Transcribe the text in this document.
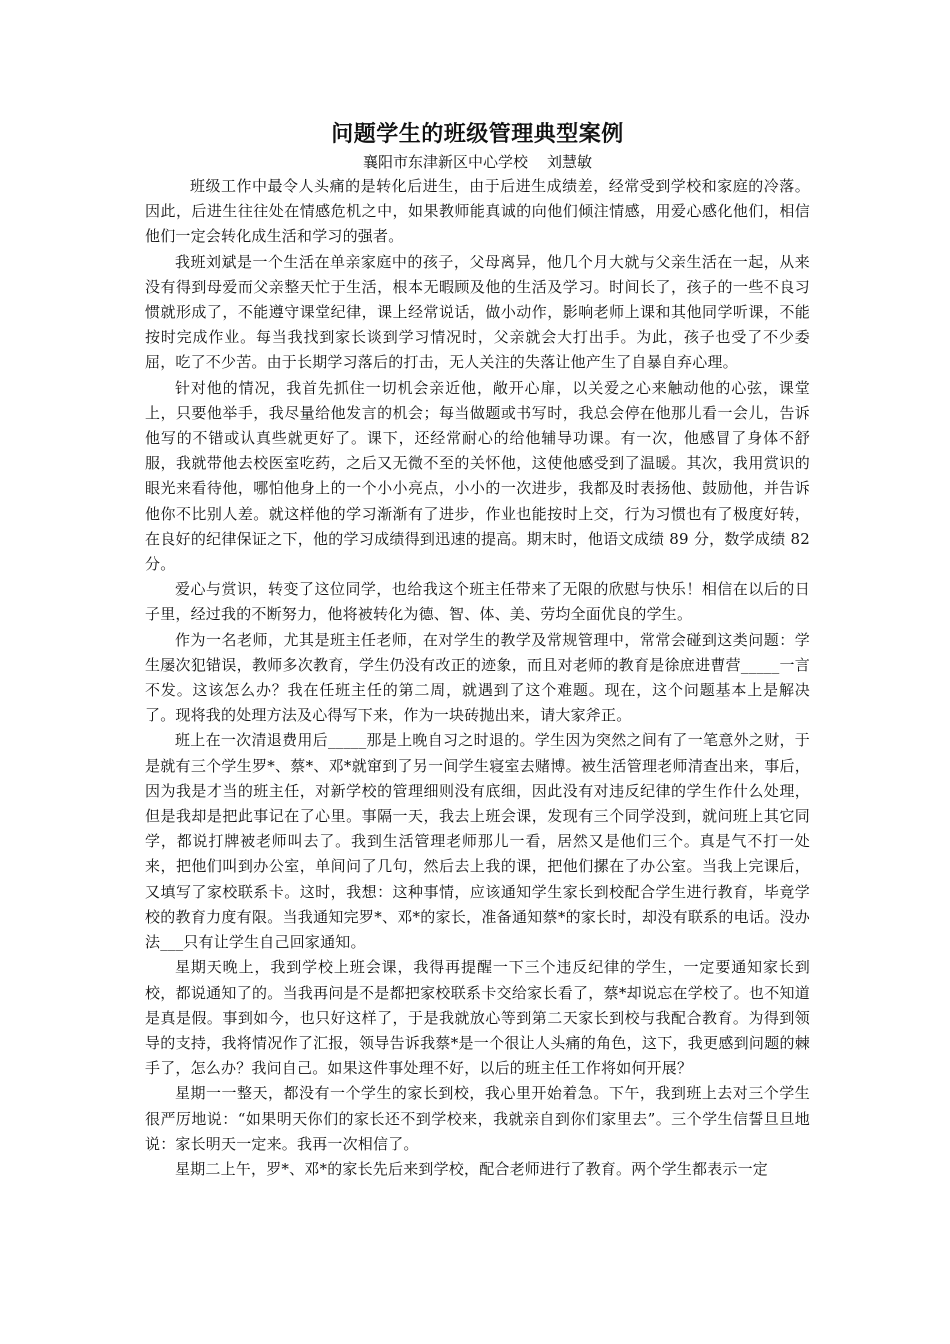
问题学生的班级管理典型案例

襄阳市东津新区中心学校    刘慧敏

班级工作中最令人头痛的是转化后进生，由于后进生成绩差，经常受到学校和家庭的冷落。因此，后进生往往处在情感危机之中，如果教师能真诚的向他们倾注情感，用爱心感化他们，相信他们一定会转化成生活和学习的强者。

我班刘斌是一个生活在单亲家庭中的孩子，父母离异，他几个月大就与父亲生活在一起，从来没有得到母爱而父亲整天忙于生活，根本无暇顾及他的生活及学习。时间长了，孩子的一些不良习惯就形成了，不能遵守课堂纪律，课上经常说话，做小动作，影响老师上课和其他同学听课，不能按时完成作业。每当我找到家长谈到学习情况时，父亲就会大打出手。为此，孩子也受了不少委屈，吃了不少苦。由于长期学习落后的打击，无人关注的失落让他产生了自暴自弃心理。

针对他的情况，我首先抓住一切机会亲近他，敞开心扉，以关爱之心来触动他的心弦，课堂上，只要他举手，我尽量给他发言的机会；每当做题或书写时，我总会停在他那儿看一会儿，告诉他写的不错或认真些就更好了。课下，还经常耐心的给他辅导功课。有一次，他感冒了身体不舒服，我就带他去校医室吃药，之后又无微不至的关怀他，这使他感受到了温暖。其次，我用赏识的眼光来看待他，哪怕他身上的一个小小亮点，小小的一次进步，我都及时表扬他、鼓励他，并告诉他你不比别人差。就这样他的学习渐渐有了进步，作业也能按时上交，行为习惯也有了极度好转，在良好的纪律保证之下，他的学习成绩得到迅速的提高。期末时，他语文成绩 89 分，数学成绩 82 分。

爱心与赏识，转变了这位同学，也给我这个班主任带来了无限的欣慰与快乐！相信在以后的日子里，经过我的不断努力，他将被转化为德、智、体、美、劳均全面优良的学生。

作为一名老师，尤其是班主任老师，在对学生的教学及常规管理中，常常会碰到这类问题：学生屡次犯错误，教师多次教育，学生仍没有改正的迹象，而且对老师的教育是徐庶进曹营_____一言不发。这该怎么办？我在任班主任的第二周，就遇到了这个难题。现在，这个问题基本上是解决了。现将我的处理方法及心得写下来，作为一块砖抛出来，请大家斧正。

班上在一次清退费用后_____那是上晚自习之时退的。学生因为突然之间有了一笔意外之财，于是就有三个学生罗*、蔡*、邓*就窜到了另一间学生寝室去赌博。被生活管理老师清查出来，事后，因为我是才当的班主任，对新学校的管理细则没有底细，因此没有对违反纪律的学生作什么处理，但是我却是把此事记在了心里。事隔一天，我去上班会课，发现有三个同学没到，就问班上其它同学，都说打牌被老师叫去了。我到生活管理老师那儿一看，居然又是他们三个。真是气不打一处来，把他们叫到办公室，单间问了几句，然后去上我的课，把他们摞在了办公室。当我上完课后，又填写了家校联系卡。这时，我想：这种事情，应该通知学生家长到校配合学生进行教育，毕竟学校的教育力度有限。当我通知完罗*、邓*的家长，准备通知蔡*的家长时，却没有联系的电话。没办法___只有让学生自己回家通知。

星期天晚上，我到学校上班会课，我得再提醒一下三个违反纪律的学生，一定要通知家长到校，都说通知了的。当我再问是不是都把家校联系卡交给家长看了，蔡*却说忘在学校了。也不知道是真是假。事到如今，也只好这样了，于是我就放心等到第二天家长到校与我配合教育。为得到领导的支持，我将情况作了汇报，领导告诉我蔡*是一个很让人头痛的角色，这下，我更感到问题的棘手了，怎么办？我问自己。如果这件事处理不好，以后的班主任工作将如何开展？

星期一一整天，都没有一个学生的家长到校，我心里开始着急。下午，我到班上去对三个学生很严厉地说：“如果明天你们的家长还不到学校来，我就亲自到你们家里去”。三个学生信誓旦旦地说：家长明天一定来。我再一次相信了。

星期二上午，罗*、邓*的家长先后来到学校，配合老师进行了教育。两个学生都表示一定
